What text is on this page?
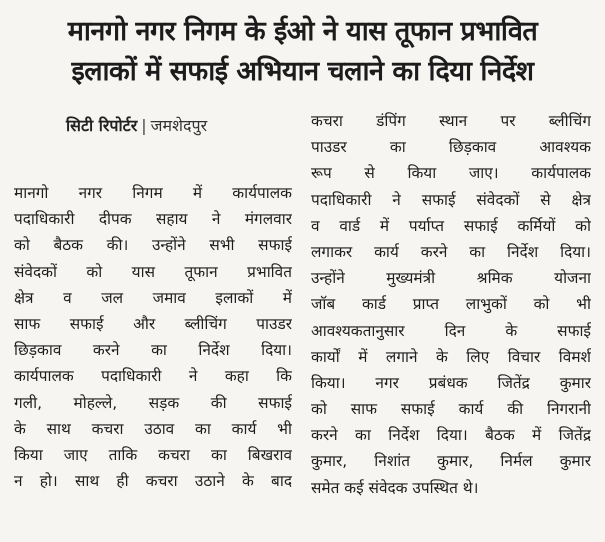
मानगो नगर निगम के ईओ ने यास तूफान प्रभावित
इलाकों में सफाई अभियान चलाने का दिया निर्देश
सिटी रिपोर्टर | जमशेदपुर
मानगो नगर निगम में कार्यपालक
पदाधिकारी दीपक सहाय ने मंगलवार
को बैठक की। उन्होंने सभी सफाई
संवेदकों को यास तूफान प्रभावित
क्षेत्र व जल जमाव इलाकों में
साफ सफाई और ब्लीचिंग पाउडर
छिड़काव करने का निर्देश दिया।
कार्यपालक पदाधिकारी ने कहा कि
गली, मोहल्ले, सड़क की सफाई
के साथ कचरा उठाव का कार्य भी
किया जाए ताकि कचरा का बिखराव
न हो। साथ ही कचरा उठाने के बाद
कचरा डंपिंग स्थान पर ब्लीचिंग
पाउडर का छिड़काव आवश्यक
रूप से किया जाए। कार्यपालक
पदाधिकारी ने सफाई संवेदकों से क्षेत्र
व वार्ड में पर्याप्त सफाई कर्मियों को
लगाकर कार्य करने का निर्देश दिया।
उन्होंने मुख्यमंत्री श्रमिक योजना
जॉब कार्ड प्राप्त लाभुकों को भी
आवश्यकतानुसार दिन के सफाई
कार्यों में लगाने के लिए विचार विमर्श
किया। नगर प्रबंधक जितेंद्र कुमार
को साफ सफाई कार्य की निगरानी
करने का निर्देश दिया। बैठक में जितेंद्र
कुमार, निशांत कुमार, निर्मल कुमार
समेत कई संवेदक उपस्थित थे।
